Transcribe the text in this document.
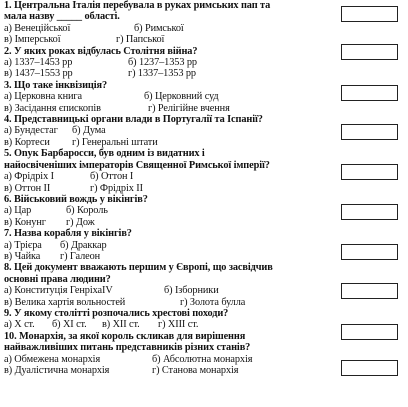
1. Центральна Італія перебувала в руках римських пап та
мала назву _____ області.
а) Венеційської	б) Римської
в) Імперської	г) Папської
2. У яких роках відбулась Столітня війна?
а) 1337–1453 рр	б) 1237–1353 рр
в) 1437–1553 рр	г) 1337–1353 рр
3. Що таке інквізиція?
а) Церковна книга	б) Церковний суд
в) Засідання єпископів	г) Релігійне вчення
4. Представницькі органи влади в Португалії та Іспанії?
а) Бундестаг	б) Дума
в) Кортеси	г) Генеральні штати
5. Оnук Барбаросси, був одним із видатних і
найосвіченіших імператорів Священної Римської імперії?
а) Фрідріх І	б) Оттон І
в) Оттон ІІ	г) Фрідріх ІІ
6. Військовий вождь у вікінгів?
а) Цар	б) Король
в) Конунг	г) Дож
7. Назва корабля у вікінгів?
а) Трієра	б) Драккар
в) Чайка	г) Галеон
8. Цей документ вважають першим у Європі, що засвідчив
основні права людини?
а) Конституція ГенріхаIV	б) Ізборники
в) Велика хартія вольностей	г) Золота булла
9. У якому столітті розпочались хрестові походи?
а) Х ст.	б) ХІ ст.	в) ХІІ ст.	г) ХІІІ ст.
10. Монархія, за якої король скликав для вирішення
найважливіших питань представників різних станів?
а) Обмежена монархія	б) Абсолютна монархія
в) Дуалістична монархія	г) Станова монархія
